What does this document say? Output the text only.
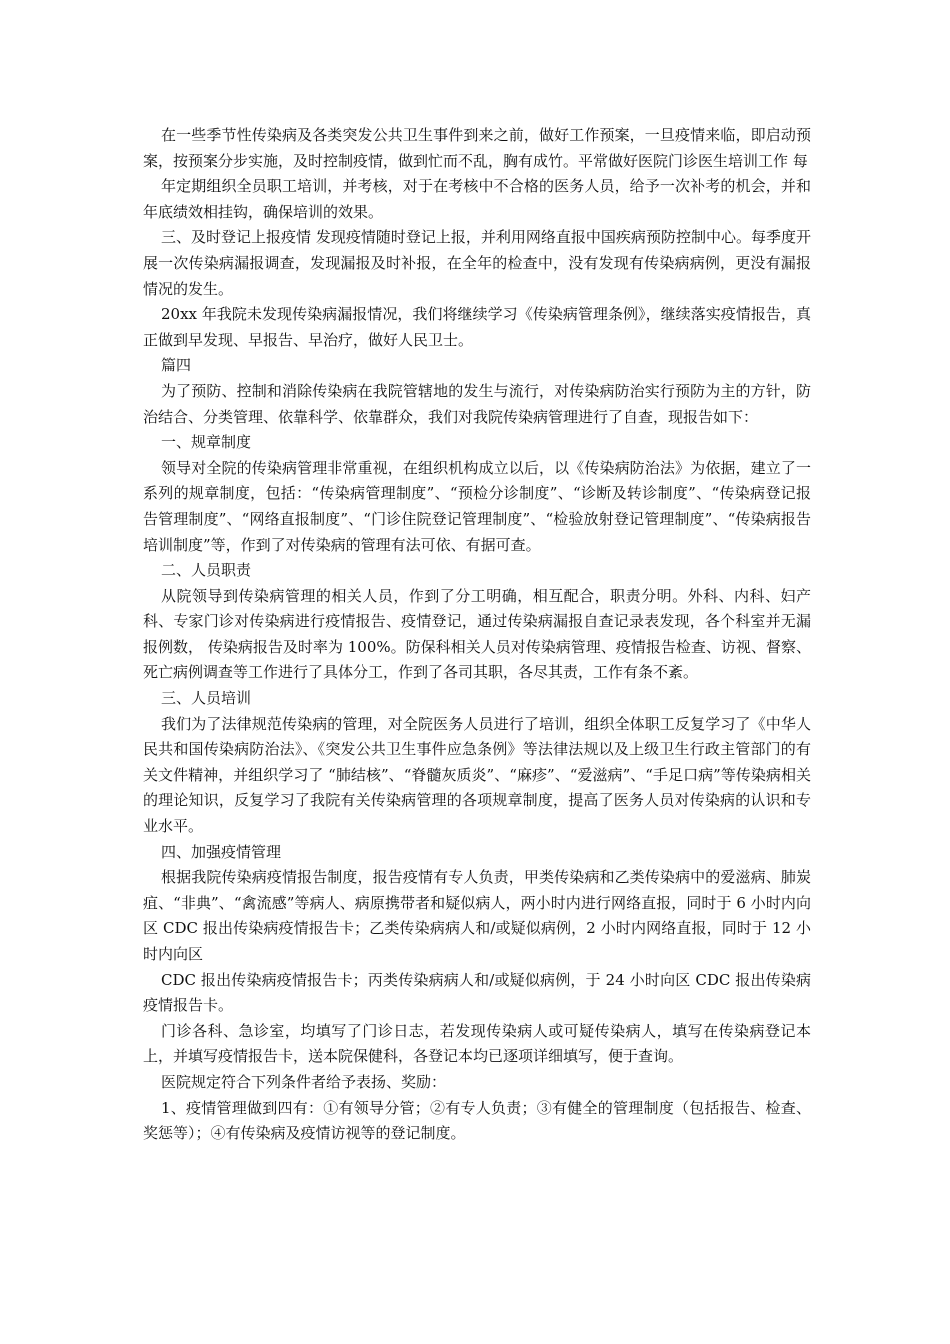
在一些季节性传染病及各类突发公共卫生事件到来之前，做好工作预案，一旦疫情来临，即启动预案，按预案分步实施，及时控制疫情，做到忙而不乱，胸有成竹。平常做好医院门诊医生培训工作 每

年定期组织全员职工培训，并考核，对于在考核中不合格的医务人员，给予一次补考的机会，并和年底绩效相挂钩，确保培训的效果。

三、及时登记上报疫情 发现疫情随时登记上报，并利用网络直报中国疾病预防控制中心。每季度开展一次传染病漏报调查，发现漏报及时补报，在全年的检查中，没有发现有传染病病例，更没有漏报情况的发生。

20xx 年我院未发现传染病漏报情况，我们将继续学习《传染病管理条例》，继续落实疫情报告，真正做到早发现、早报告、早治疗，做好人民卫士。

篇四

为了预防、控制和消除传染病在我院管辖地的发生与流行，对传染病防治实行预防为主的方针，防治结合、分类管理、依靠科学、依靠群众，我们对我院传染病管理进行了自查，现报告如下：

一、规章制度

领导对全院的传染病管理非常重视，在组织机构成立以后，以《传染病防治法》为依据，建立了一系列的规章制度，包括：“传染病管理制度”、“预检分诊制度”、“诊断及转诊制度”、“传染病登记报告管理制度”、“网络直报制度”、“门诊住院登记管理制度”、“检验放射登记管理制度”、“传染病报告培训制度”等，作到了对传染病的管理有法可依、有据可查。

二、人员职责

从院领导到传染病管理的相关人员，作到了分工明确，相互配合，职责分明。外科、内科、妇产科、专家门诊对传染病进行疫情报告、疫情登记，通过传染病漏报自查记录表发现，各个科室并无漏报例数， 传染病报告及时率为 100%。防保科相关人员对传染病管理、疫情报告检查、访视、督察、死亡病例调查等工作进行了具体分工，作到了各司其职，各尽其责，工作有条不紊。

三、人员培训

我们为了法律规范传染病的管理，对全院医务人员进行了培训，组织全体职工反复学习了《中华人民共和国传染病防治法》、《突发公共卫生事件应急条例》等法律法规以及上级卫生行政主管部门的有关文件精神，并组织学习了 “肺结核”、“脊髓灰质炎”、“麻疹”、“爱滋病”、“手足口病”等传染病相关的理论知识，反复学习了我院有关传染病管理的各项规章制度，提高了医务人员对传染病的认识和专业水平。

四、加强疫情管理

根据我院传染病疫情报告制度，报告疫情有专人负责，甲类传染病和乙类传染病中的爱滋病、肺炭疽、“非典”、“禽流感”等病人、病原携带者和疑似病人，两小时内进行网络直报，同时于 6 小时内向区 CDC 报出传染病疫情报告卡；乙类传染病病人和/或疑似病例，2 小时内网络直报，同时于 12 小时内向区

CDC 报出传染病疫情报告卡；丙类传染病病人和/或疑似病例，于 24 小时向区 CDC 报出传染病疫情报告卡。

门诊各科、急诊室，均填写了门诊日志，若发现传染病人或可疑传染病人，填写在传染病登记本上，并填写疫情报告卡，送本院保健科，各登记本均已逐项详细填写，便于查询。

医院规定符合下列条件者给予表扬、奖励：

1、疫情管理做到四有：①有领导分管；②有专人负责；③有健全的管理制度（包括报告、检查、奖惩等）；④有传染病及疫情访视等的登记制度。
